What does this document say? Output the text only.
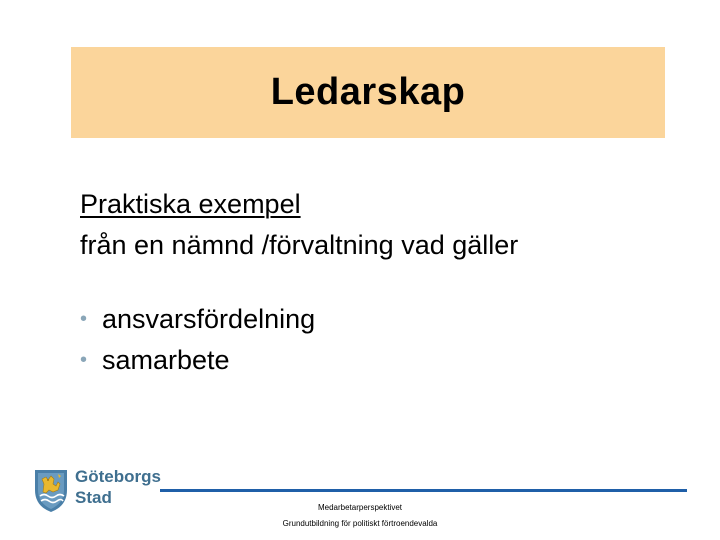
Ledarskap
Praktiska exempel
från en nämnd /förvaltning vad gäller
• ansvarsfördelning
• samarbete
Göteborgs
Stad
Medarbetarperspektivet
Grundutbildning för politiskt förtroendevalda
